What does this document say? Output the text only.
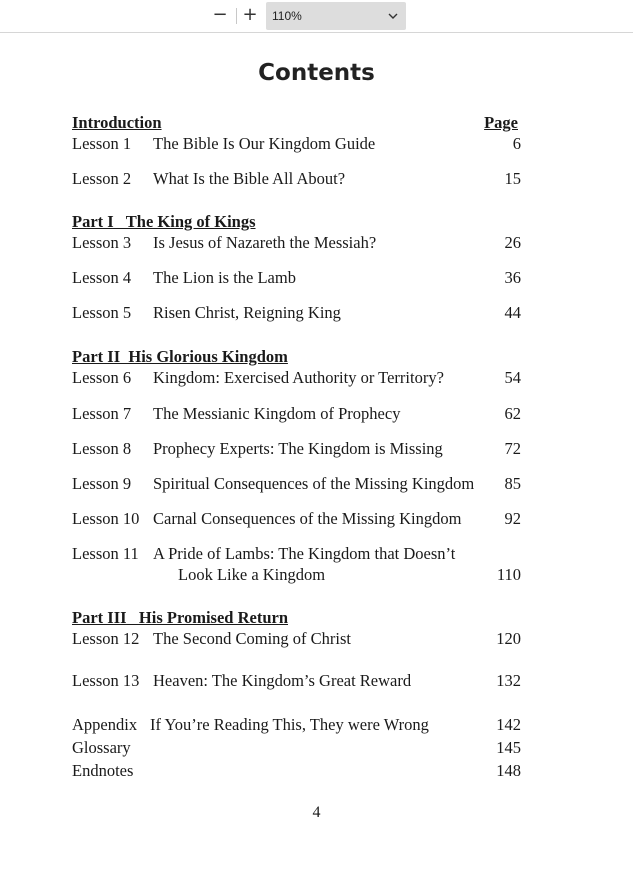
− +	110%
Contents
Introduction	Page
Lesson 1 The Bible Is Our Kingdom Guide	6
Lesson 2 What Is the Bible All About?	15
Part I   The King of Kings
Lesson 3 Is Jesus of Nazareth the Messiah?	26
Lesson 4 The Lion is the Lamb	36
Lesson 5 Risen Christ, Reigning King	44
Part II  His Glorious Kingdom
Lesson 6 Kingdom: Exercised Authority or Territory?	54
Lesson 7 The Messianic Kingdom of Prophecy	62
Lesson 8 Prophecy Experts: The Kingdom is Missing	72
Lesson 9 Spiritual Consequences of the Missing Kingdom 85
Lesson 10 Carnal Consequences of the Missing Kingdom	92
Lesson 11 A Pride of Lambs: The Kingdom that Doesn’t
Look Like a Kingdom	110
Part III   His Promised Return
Lesson 12 The Second Coming of Christ	120
Lesson 13 Heaven: The Kingdom’s Great Reward	132
Appendix If You’re Reading This, They were Wrong	142
Glossary	145
Endnotes	148
4
